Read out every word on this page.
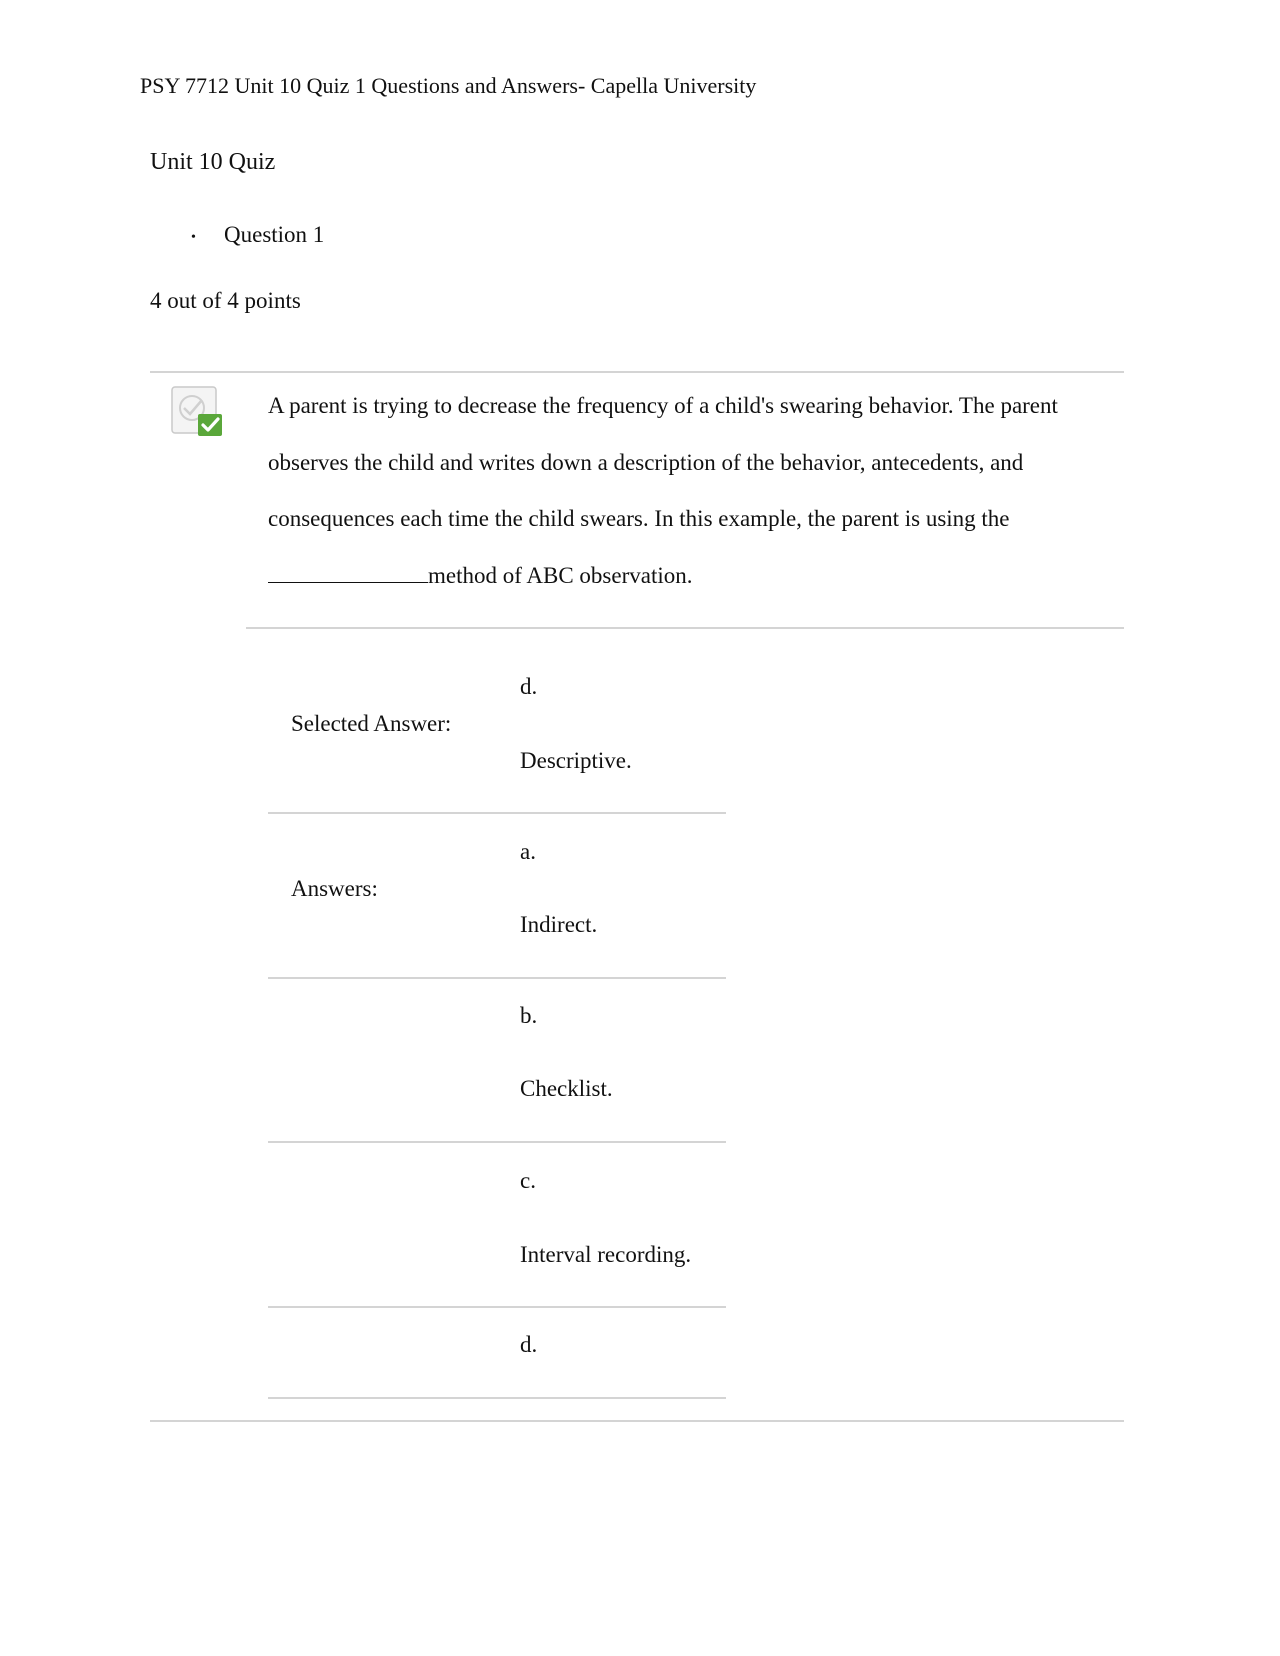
PSY 7712 Unit 10 Quiz 1 Questions and Answers- Capella University
Unit 10 Quiz
• Question 1
4 out of 4 points
A parent is trying to decrease the frequency of a child's swearing behavior. The parent observes the child and writes down a description of the behavior, antecedents, and consequences each time the child swears. In this example, the parent is using themethod of ABC observation.
Selected Answer:
d.
Descriptive.
Answers:
a.
Indirect.
b.
Checklist.
c.
Interval recording.
d.
